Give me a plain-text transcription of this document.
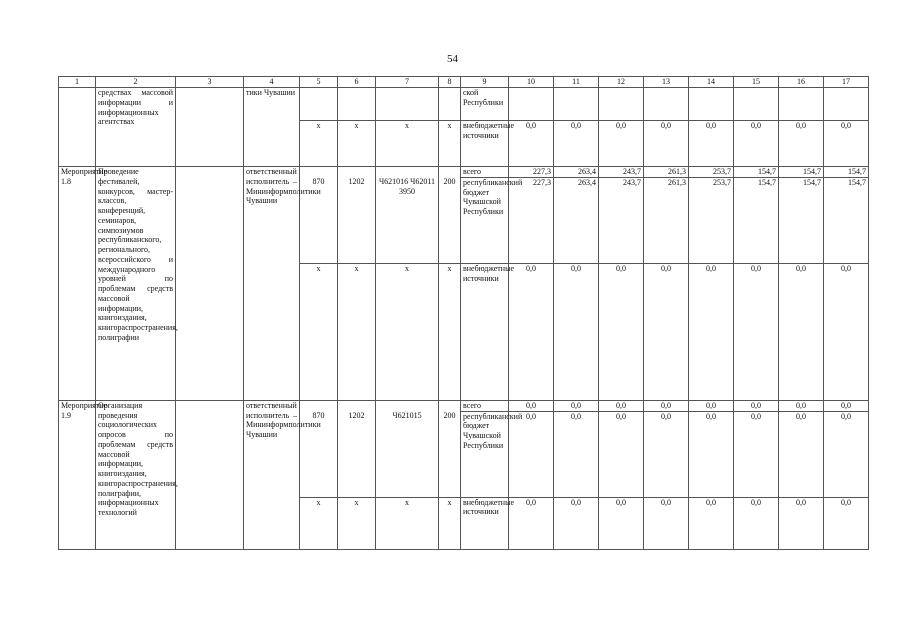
54
1	2	3	4	5	6	7	8	9	10	11	12	13	14	15	16	17
	средствах массовой информации и информационных агентствах		тики Чувашии					ской Республики								
				x	x	x	x	внебюджетные источники	0,0	0,0	0,0	0,0	0,0	0,0	0,0	0,0
Мероприятие 1.8	Проведение фестивалей, конкурсов, мастер-классов, конференций, семинаров, симпозиумов республиканского, регионального, всероссийского и международного уровней по проблемам средств массовой информации, книгоиздания, книгораспространения, полиграфии		ответственный исполнитель – Мининформполитики Чувашии					всего	227,3	263,4	243,7	261,3	253,7	154,7	154,7	154,7
				870	1202	Ч621016 Ч620113950	200	республиканский бюджет Чувашской Республики	227,3	263,4	243,7	261,3	253,7	154,7	154,7	154,7
				x	x	x	x	внебюджетные источники	0,0	0,0	0,0	0,0	0,0	0,0	0,0	0,0
Мероприятие 1.9	Организация проведения социологических опросов по проблемам средств массовой информации, книгоиздания, книгораспространения, полиграфии, информационных технологий		ответственный исполнитель – Мининформполитики Чувашии					всего	0,0	0,0	0,0	0,0	0,0	0,0	0,0	0,0
				870	1202	Ч621015	200	республиканский бюджет Чувашской Республики	0,0	0,0	0,0	0,0	0,0	0,0	0,0	0,0
				x	x	x	x	внебюджетные источники	0,0	0,0	0,0	0,0	0,0	0,0	0,0	0,0
